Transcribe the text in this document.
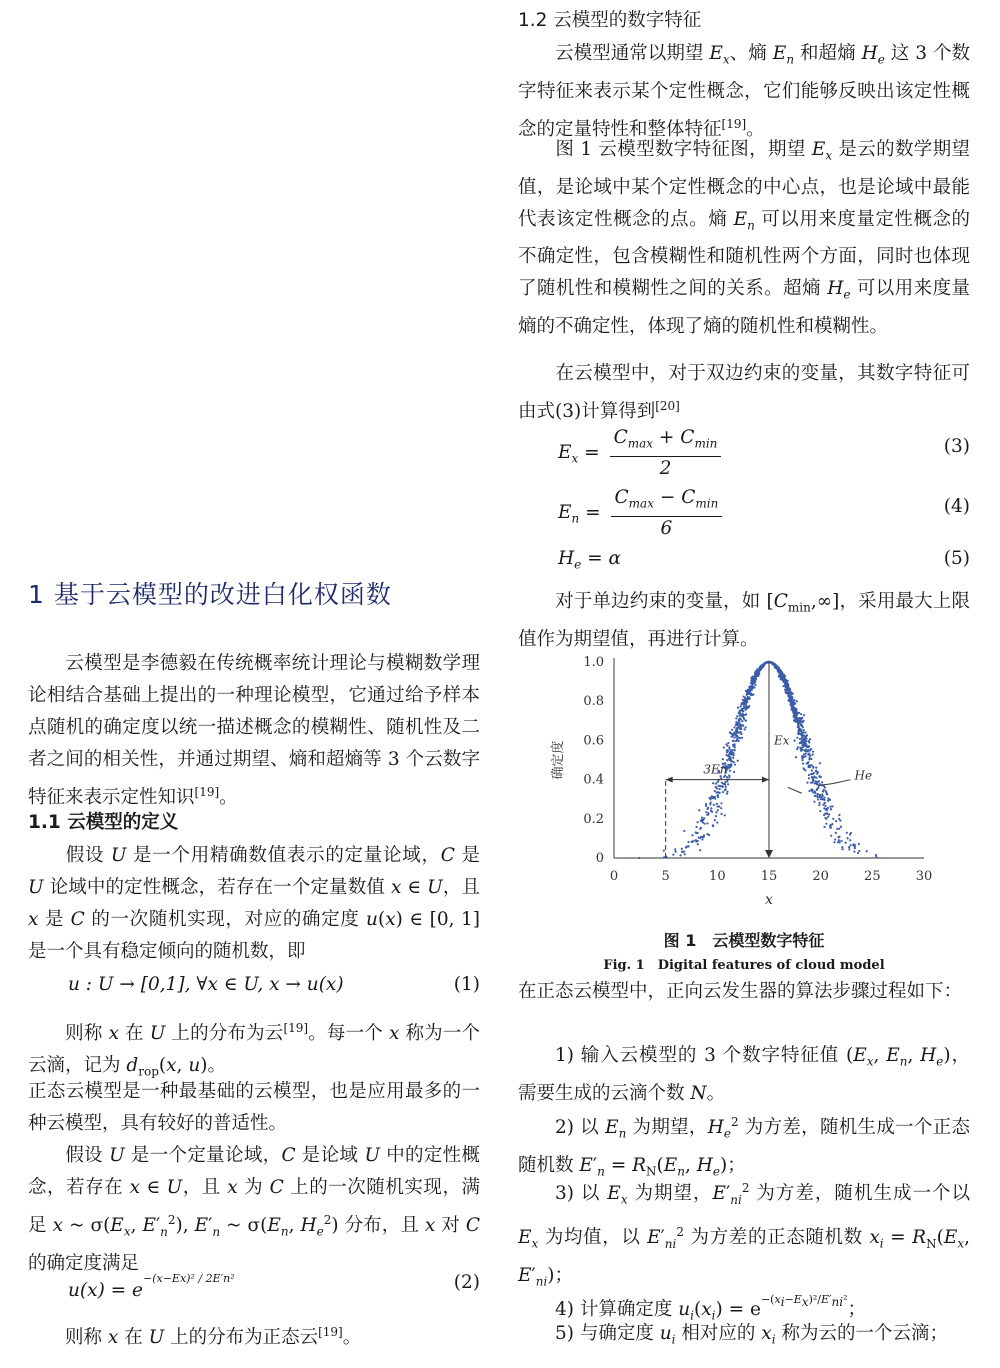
1 基于云模型的改进白化权函数

云模型是李德毅在传统概率统计理论与模糊数学理论相结合基础上提出的一种理论模型，它通过给予样本点随机的确定度以统一描述概念的模糊性、随机性及二者之间的相关性，并通过期望、熵和超熵等 3 个云数字特征来表示定性知识[19]。

1.1 云模型的定义

假设 U 是一个用精确数值表示的定量论域，C 是 U 论域中的定性概念，若存在一个定量数值 x ∈ U，且 x 是 C 的一次随机实现，对应的确定度 u(x) ∈ [0, 1] 是一个具有稳定倾向的随机数，即

u : U → [0,1], ∀x ∈ U, x → u(x)	(1)

则称 x 在 U 上的分布为云[19]。每一个 x 称为一个云滴，记为 $d_{rop}(x$, u)。

正态云模型是一种最基础的云模型，也是应用最多的一种云模型，具有较好的普适性。

假设 U 是一个定量论域，C 是论域 U 中的定性概念，若存在 x ∈ U，且 x 为 C 上的一次随机实现，满足 x ~ $\sigma(E_x$, $E'_n^2$), $E'_n$ ~ $\sigma(E_n$, $H_e^2$) 分布，且 x 对 C 的确定度满足

$u(x) = e^{-(x-Ex)^2 / 2E'n^2}$	(2)

则称 x 在 U 上的分布为正态云[19]。

1.2 云模型的数字特征

云模型通常以期望 $E_x$、熵 $E_n$ 和超熵 $H_e$ 这 3 个数字特征来表示某个定性概念，它们能够反映出该定性概念的定量特性和整体特征[19]。

图 1 云模型数字特征图，期望 $E_x$ 是云的数学期望值，是论域中某个定性概念的中心点，也是论域中最能代表该定性概念的点。熵 $E_n$ 可以用来度量定性概念的不确定性，包含模糊性和随机性两个方面，同时也体现了随机性和模糊性之间的关系。超熵 $H_e$ 可以用来度量熵的不确定性，体现了熵的随机性和模糊性。

在云模型中，对于双边约束的变量，其数字特征可由式(3)计算得到[20]

$E_x = \frac{C_{max} + C_{min}}{2}$	(3)
$E_n = \frac{C_{max} - C_{min}}{6}$	(4)
$H_e = \alpha$	(5)

对于单边约束的变量，如 $[C_{min},\infty]$，采用最大上限值作为期望值，再进行计算。

在正态云模型中，正向云发生器的算法步骤过程如下：

1) 输入云模型的 3 个数字特征值 ($E_x$, $E_n$, $H_e$)，需要生成的云滴个数 N。

2) 以 $E_n$ 为期望，$H_e^2$ 为方差，随机生成一个正态随机数 $E'_n = R_N(E_n$, $H_e$)；

3) 以 $E_x$ 为期望，$E'_{ni}^2$ 为方差，随机生成一个以 $E_x$ 为均值，以 $E'_{ni}^2$ 为方差的正态随机数 $x_i = R_N(E_x$, $E'_{ni}$)；

4) 计算确定度 $u_i(x_i) = e^{-(x_i-E_x)^2/E'_{ni}^2}$；

5) 与确定度 $u_i$ 相对应的 $x_i$ 称为云的一个云滴；

0	5	10	15	20	25	30
0
0.2
0.4
0.6
0.8
1.0
x
确定度	3En
Ex
He
图 1　云模型数字特征
Fig. 1　Digital features of cloud model
